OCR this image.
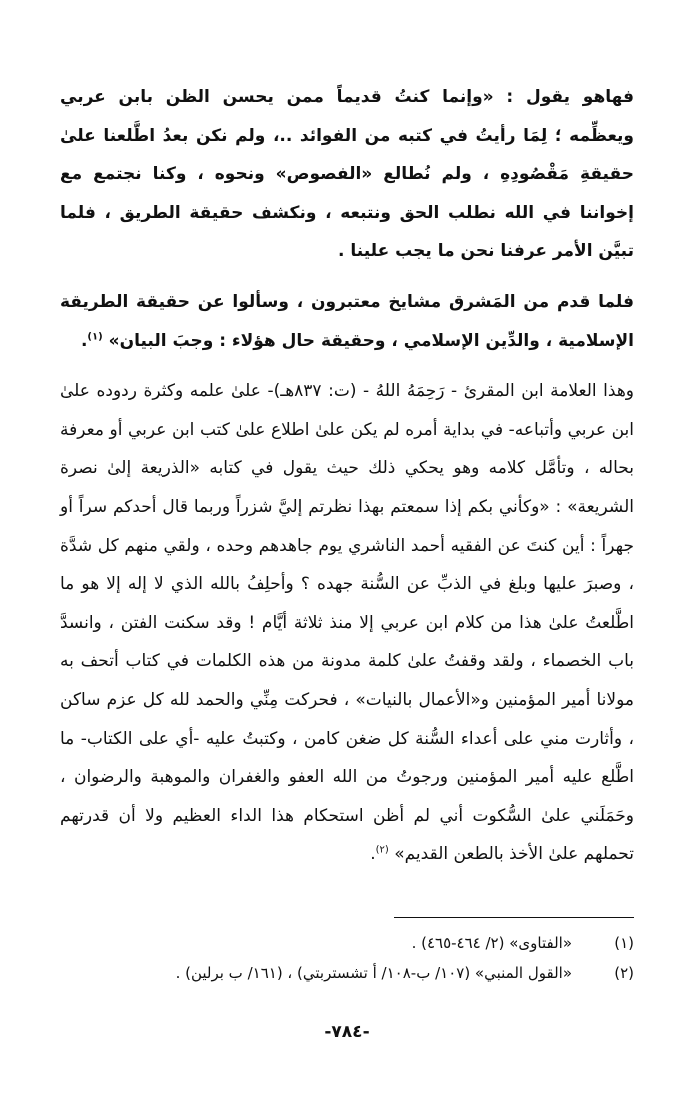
فهاهو يقول : «وإنما كنتُ قديماً ممن يحسن الظن بابن عربي ويعظِّمه ؛ لِمَا رأيتُ في كتبه من الفوائد ..، ولم نكن بعدُ اطَّلعنا علىٰ حقيقةِ مَقْصُودِهِ ، ولم نُطالع «الفصوص» ونحوه ، وكنا نجتمع مع إخواننا في الله نطلب الحق ونتبعه ، ونكشف حقيقة الطريق ، فلما تبيَّن الأمر عرفنا نحن ما يجب علينا .

فلما قدم من المَشرق مشايخ معتبرون ، وسألوا عن حقيقة الطريقة الإسلامية ، والدِّين الإسلامي ، وحقيقة حال هؤلاء : وجبَ البيان» $^{(١)}$.

وهذا العلامة ابن المقرئ - رَحِمَهُ اللهُ - (ت: ٨٣٧هـ)- علىٰ علمه وكثرة ردوده علىٰ ابن عربي وأتباعه- في بداية أمره لم يكن علىٰ اطلاع علىٰ كتب ابن عربي أو معرفة بحاله ، وتأمَّل كلامه وهو يحكي ذلك حيث يقول في كتابه «الذريعة إلىٰ نصرة الشريعة» : «وكأني بكم إذا سمعتم بهذا نظرتم إليَّ شزراً وربما قال أحدكم سراً أو جهراً : أين كنتَ عن الفقيه أحمد الناشري يوم جاهدهم وحده ، ولقي منهم كل شدَّة ، وصبرَ عليها وبلغ في الذبِّ عن السُّنة جهده ؟ وأحلِفُ بالله الذي لا إله إلا هو ما اطَّلعتُ علىٰ هذا من كلام ابن عربي إلا منذ ثلاثة أيَّام ! وقد سكنت الفتن ، وانسدَّ باب الخصماء ، ولقد وقفتُ علىٰ كلمة مدونة من هذه الكلمات في كتاب أتحف به مولانا أمير المؤمنين و«الأعمال بالنيات» ، فحركت مِنِّي والحمد لله كل عزم ساكن ، وأثارت مني على أعداء السُّنة كل ضغن كامن ، وكتبتُ عليه -أي على الكتاب- ما اطَّلع عليه أمير المؤمنين ورجوتُ من الله العفو والغفران والموهبة والرضوان ، وحَمَلَني علىٰ السُّكوت أني لم أظن استحكام هذا الداء العظيم ولا أن قدرتهم تحملهم علىٰ الأخذ بالطعن القديم» $^{(٢)}$.

(١)
«الفتاوى» (٢/ ٤٦٤-٤٦٥) .
(٢)
«القول المنبي» (١٠٧/ ب-١٠٨/ أ تشستربتي) ، (١٦١/ ب برلين) .
-٧٨٤-
